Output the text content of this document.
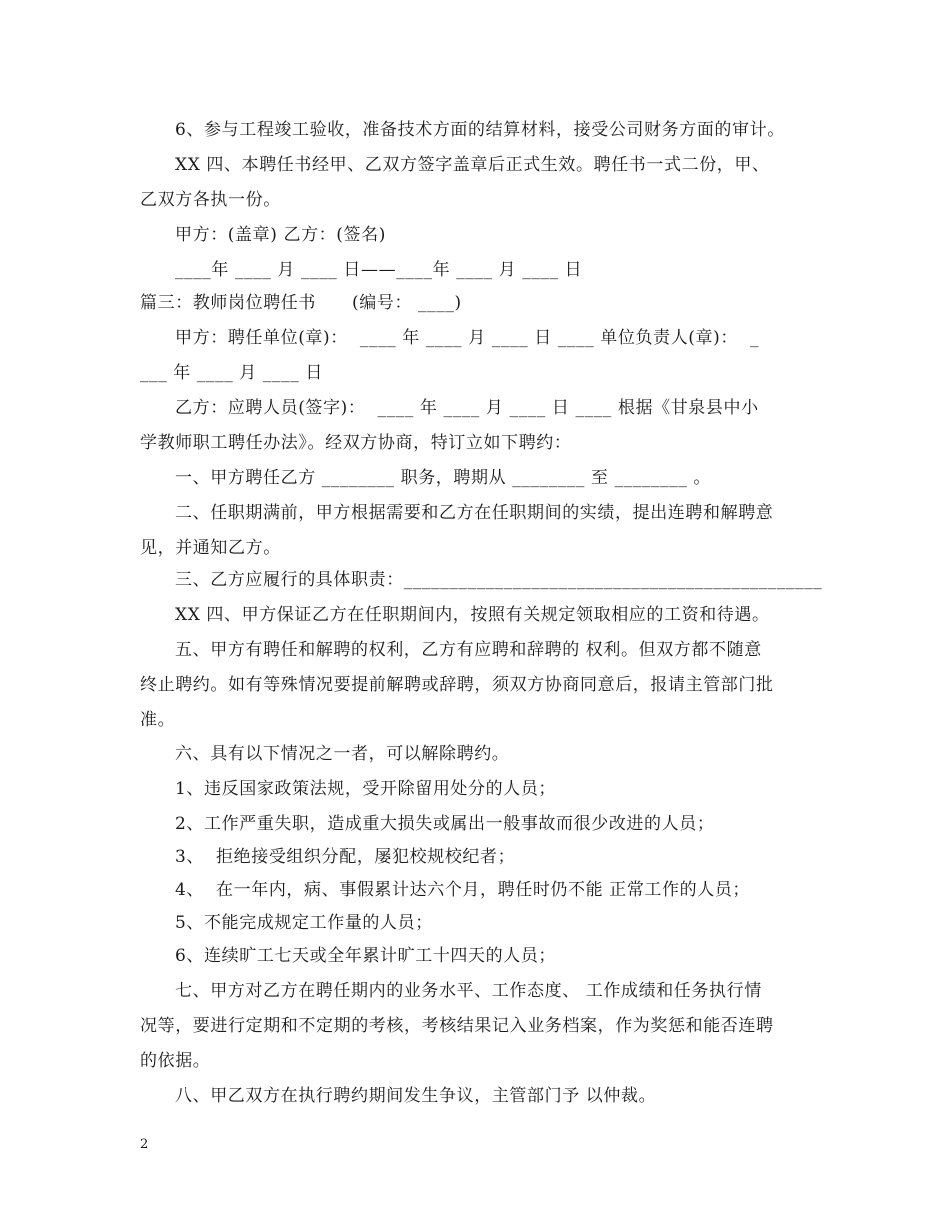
6、参与工程竣工验收，准备技术方面的结算材料，接受公司财务方面的审计。
XX 四、本聘任书经甲、乙双方签字盖章后正式生效。聘任书一式二份，甲、
乙双方各执一份。
甲方：(盖章) 乙方：(签名)
____年 ____ 月 ____ 日——____年 ____ 月 ____ 日
篇三：教师岗位聘任书      (编号： ____)
甲方：聘任单位(章)：  ____ 年 ____ 月 ____ 日 ____ 单位负责人(章)：  _
___ 年 ____ 月 ____ 日
乙方：应聘人员(签字)：  ____ 年 ____ 月 ____ 日 ____ 根据《甘泉县中小
学教师职工聘任办法》。经双方协商，特订立如下聘约：
一、甲方聘任乙方 ________ 职务，聘期从 ________ 至 ________ 。
二、任职期满前，甲方根据需要和乙方在任职期间的实绩，提出连聘和解聘意
见，并通知乙方。
三、乙方应履行的具体职责：______________________________________________
XX 四、甲方保证乙方在任职期间内，按照有关规定领取相应的工资和待遇。
五、甲方有聘任和解聘的权利，乙方有应聘和辞聘的 权利。但双方都不随意
终止聘约。如有等殊情况要提前解聘或辞聘，须双方协商同意后，报请主管部门批
准。
六、具有以下情况之一者，可以解除聘约。
1、违反国家政策法规，受开除留用处分的人员；
2、工作严重失职，造成重大损失或属出一般事故而很少改进的人员；
3、  拒绝接受组织分配，屡犯校规校纪者；
4、  在一年内，病、事假累计达六个月，聘任时仍不能 正常工作的人员；
5、不能完成规定工作量的人员；
6、连续旷工七天或全年累计旷工十四天的人员；
七、甲方对乙方在聘任期内的业务水平、工作态度、 工作成绩和任务执行情
况等，要进行定期和不定期的考核，考核结果记入业务档案，作为奖惩和能否连聘
的依据。
八、甲乙双方在执行聘约期间发生争议，主管部门予 以仲裁。
2
